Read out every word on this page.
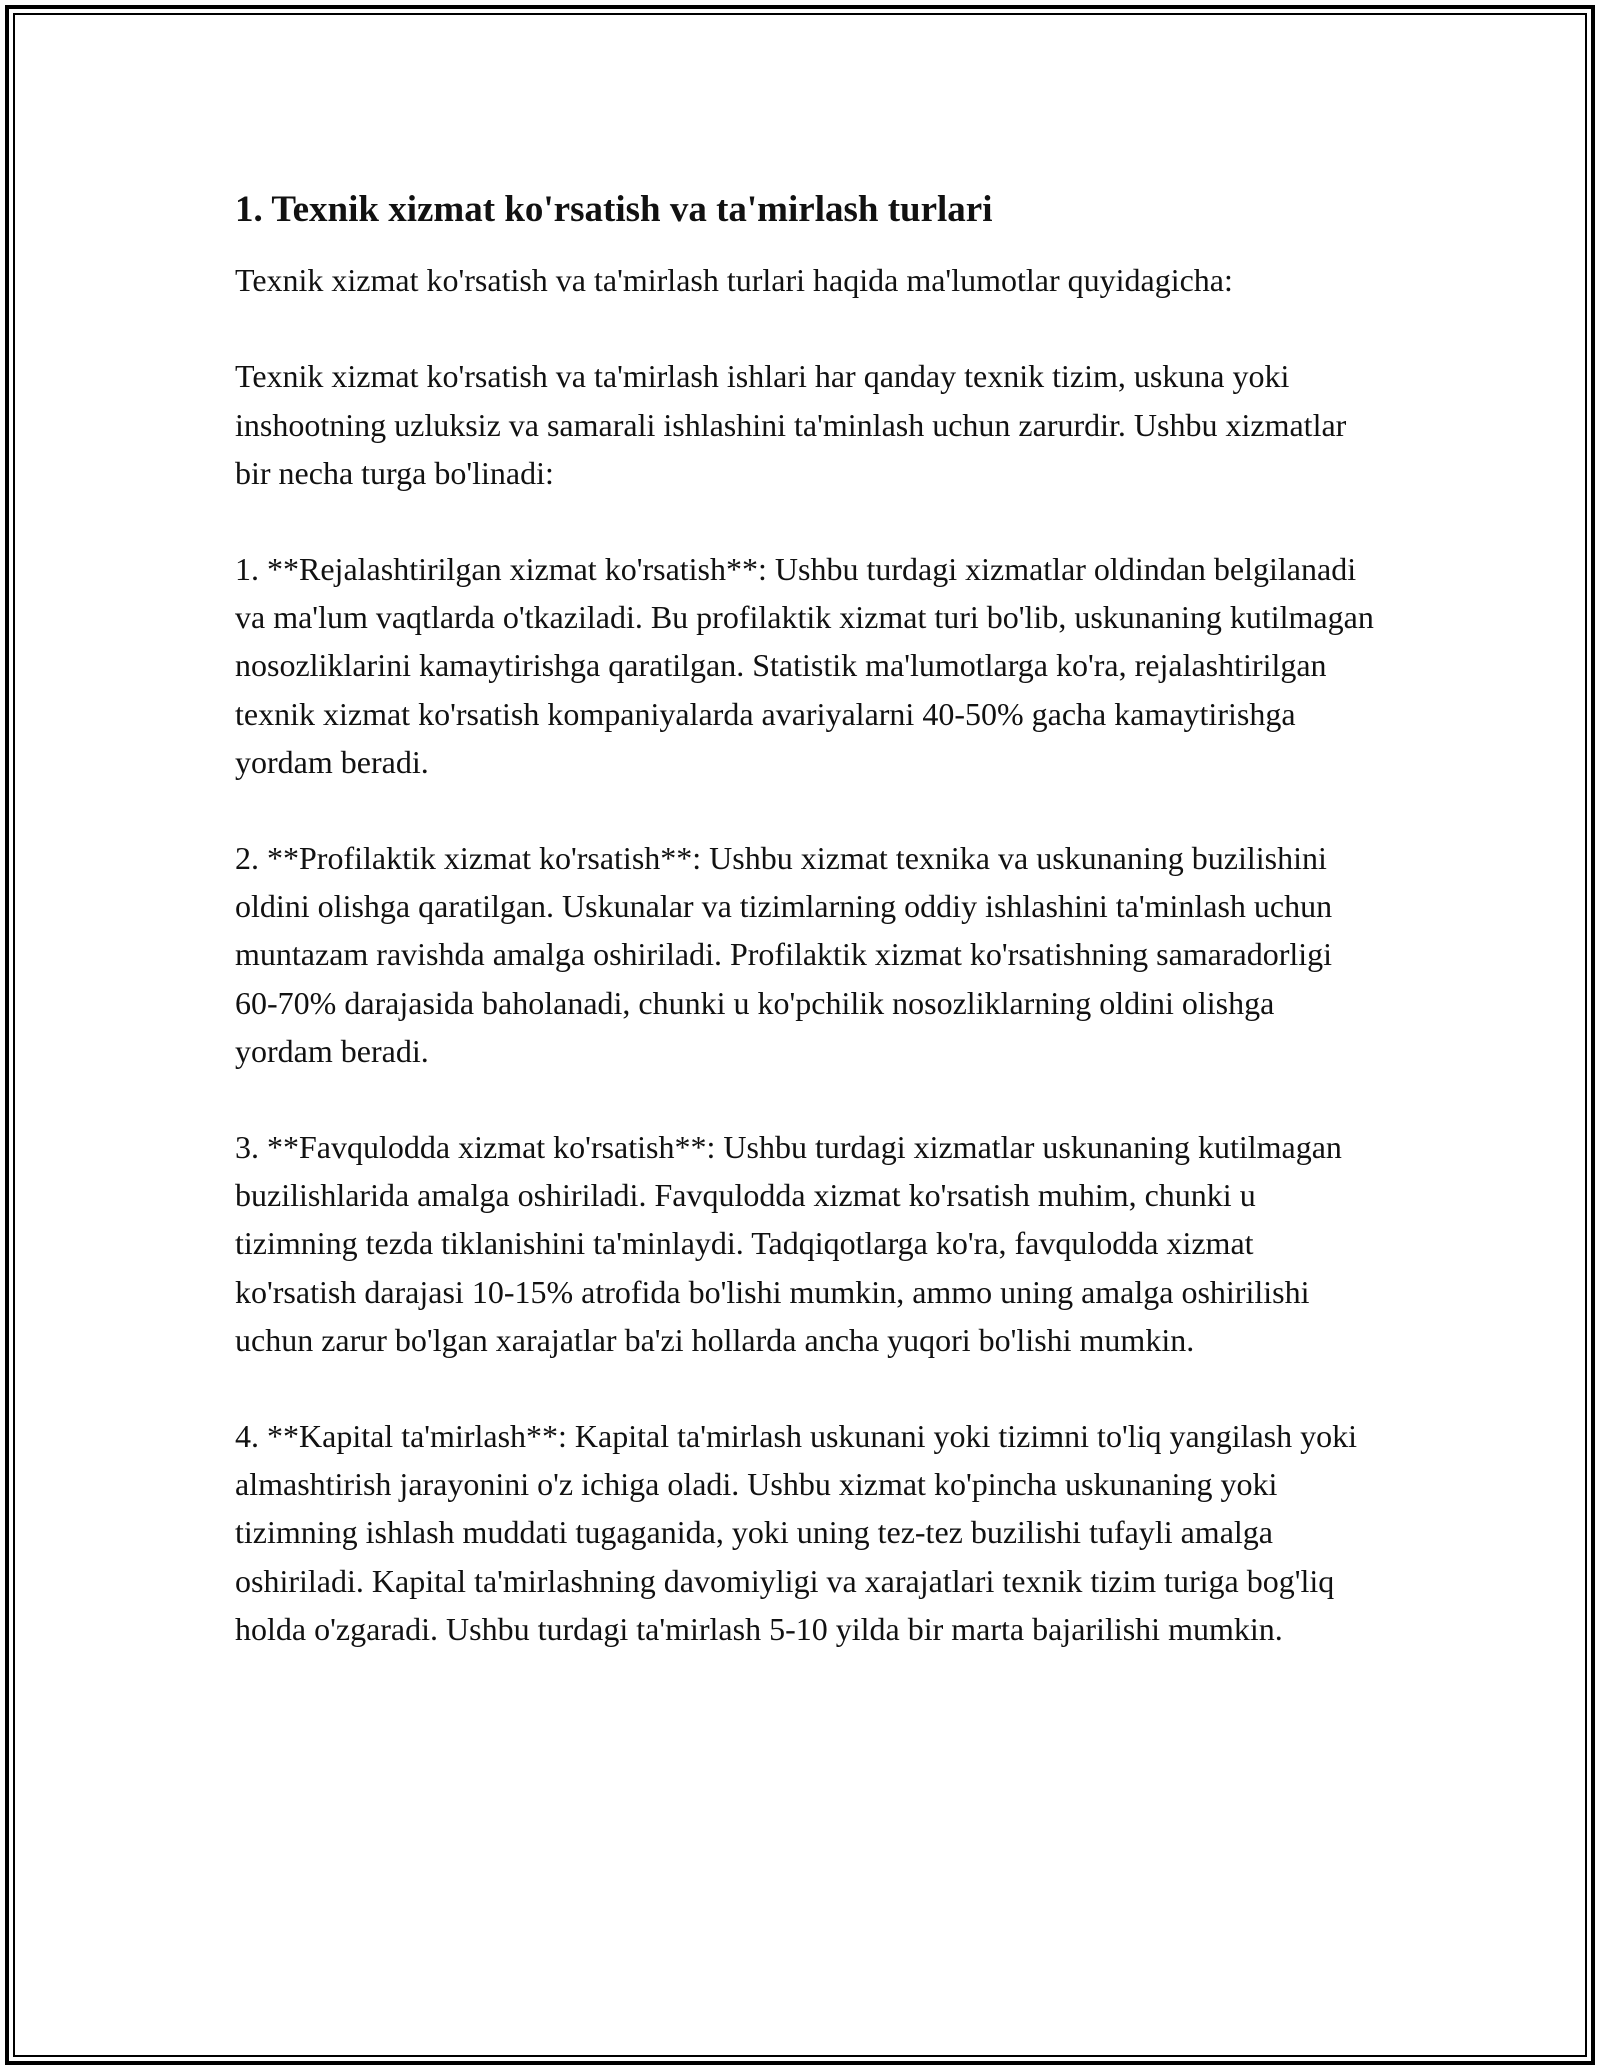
1. Texnik xizmat ko'rsatish va ta'mirlash turlari

Texnik xizmat ko'rsatish va ta'mirlash turlari haqida ma'lumotlar quyidagicha:

Texnik xizmat ko'rsatish va ta'mirlash ishlari har qanday texnik tizim, uskuna yoki inshootning uzluksiz va samarali ishlashini ta'minlash uchun zarurdir. Ushbu xizmatlar bir necha turga bo'linadi:

1. **Rejalashtirilgan xizmat ko'rsatish**: Ushbu turdagi xizmatlar oldindan belgilanadi va ma'lum vaqtlarda o'tkaziladi. Bu profilaktik xizmat turi bo'lib, uskunaning kutilmagan nosozliklarini kamaytirishga qaratilgan. Statistik ma'lumotlarga ko'ra, rejalashtirilgan texnik xizmat ko'rsatish kompaniyalarda avariyalarni 40-50% gacha kamaytirishga yordam beradi.

2. **Profilaktik xizmat ko'rsatish**: Ushbu xizmat texnika va uskunaning buzilishini oldini olishga qaratilgan. Uskunalar va tizimlarning oddiy ishlashini ta'minlash uchun muntazam ravishda amalga oshiriladi. Profilaktik xizmat ko'rsatishning samaradorligi 60-70% darajasida baholanadi, chunki u ko'pchilik nosozliklarning oldini olishga yordam beradi.

3. **Favqulodda xizmat ko'rsatish**: Ushbu turdagi xizmatlar uskunaning kutilmagan buzilishlarida amalga oshiriladi. Favqulodda xizmat ko'rsatish muhim, chunki u tizimning tezda tiklanishini ta'minlaydi. Tadqiqotlarga ko'ra, favqulodda xizmat ko'rsatish darajasi 10-15% atrofida bo'lishi mumkin, ammo uning amalga oshirilishi uchun zarur bo'lgan xarajatlar ba'zi hollarda ancha yuqori bo'lishi mumkin.

4. **Kapital ta'mirlash**: Kapital ta'mirlash uskunani yoki tizimni to'liq yangilash yoki almashtirish jarayonini o'z ichiga oladi. Ushbu xizmat ko'pincha uskunaning yoki tizimning ishlash muddati tugaganida, yoki uning tez-tez buzilishi tufayli amalga oshiriladi. Kapital ta'mirlashning davomiyligi va xarajatlari texnik tizim turiga bog'liq holda o'zgaradi. Ushbu turdagi ta'mirlash 5-10 yilda bir marta bajarilishi mumkin.
